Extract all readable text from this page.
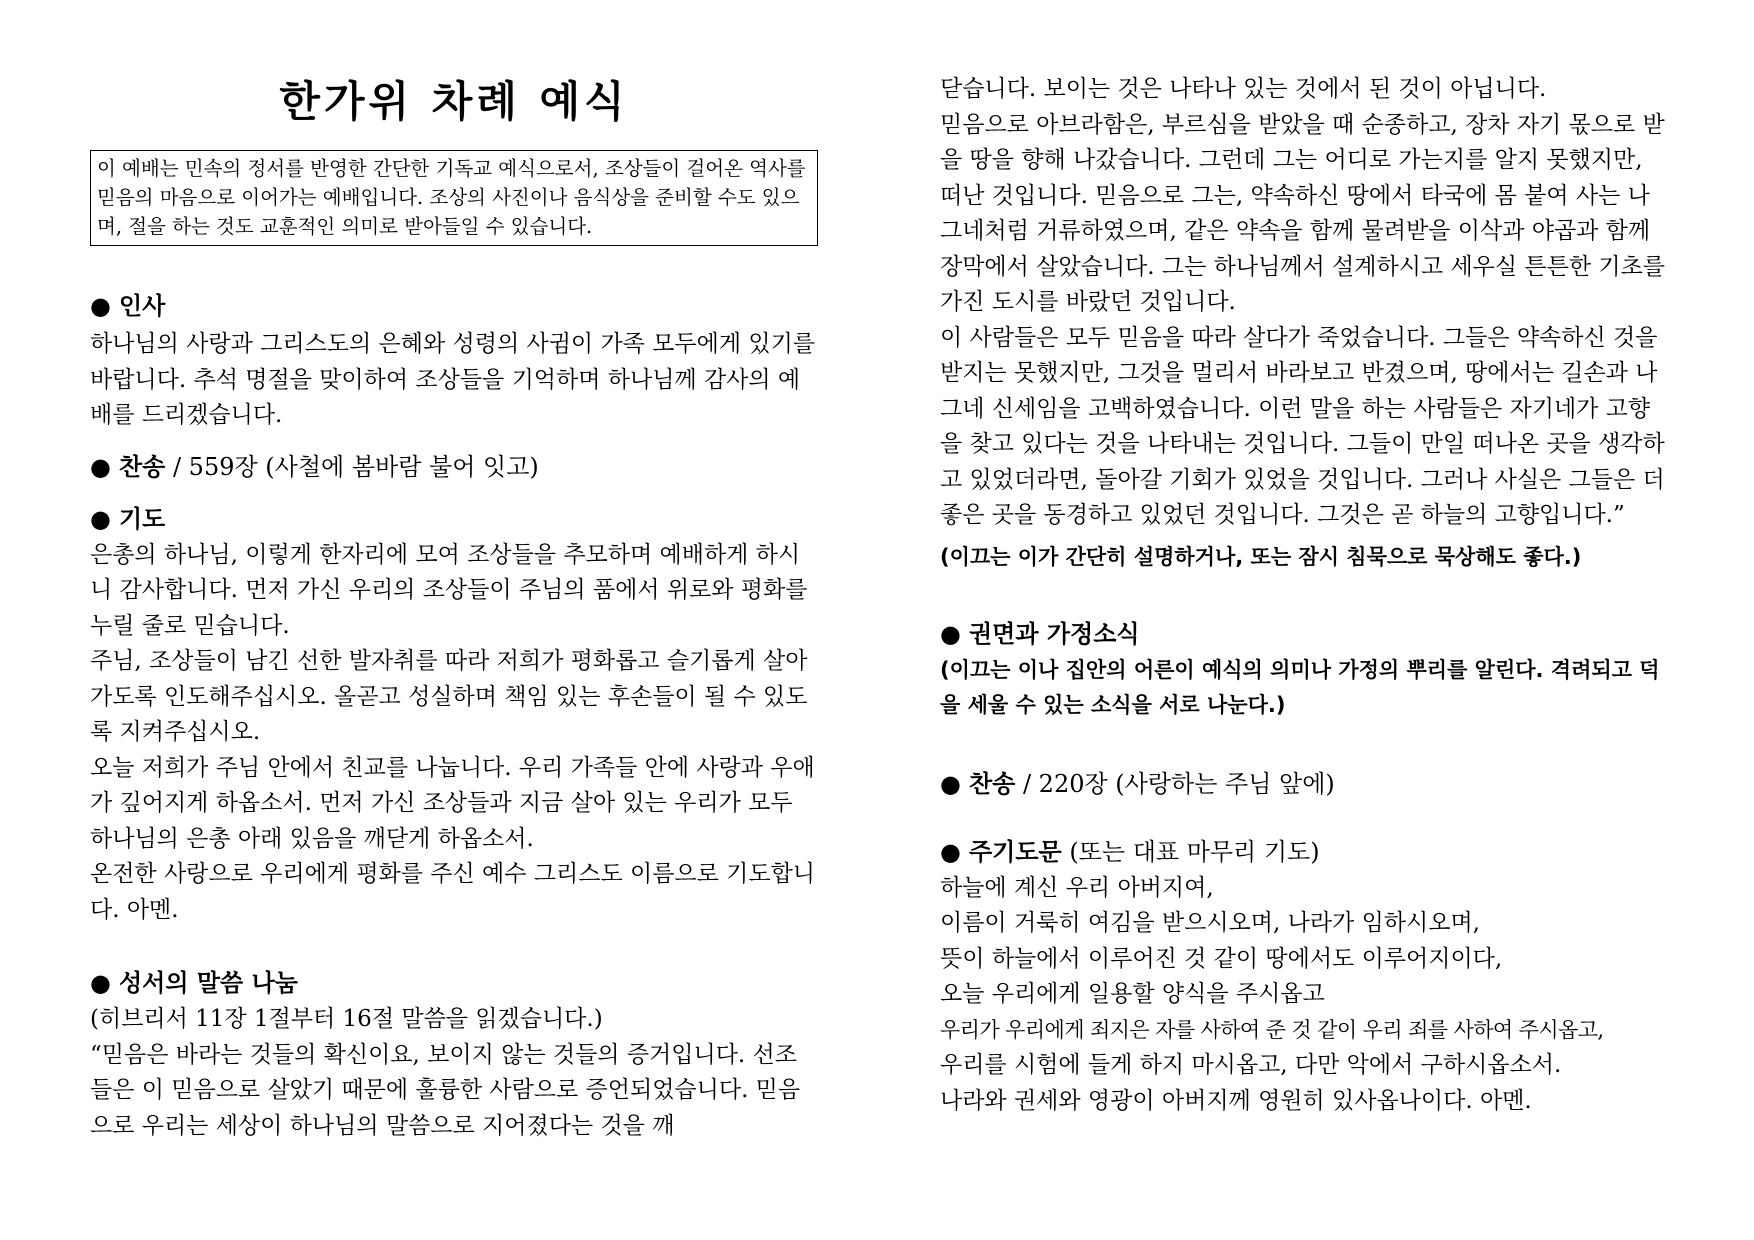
한가위 차례 예식
이 예배는 민속의 정서를 반영한 간단한 기독교 예식으로서, 조상들이 걸어온 역사를 믿음의 마음으로 이어가는 예배입니다. 조상의 사진이나 음식상을 준비할 수도 있으며, 절을 하는 것도 교훈적인 의미로 받아들일 수 있습니다.
● 인사

하나님의 사랑과 그리스도의 은혜와 성령의 사귐이 가족 모두에게 있기를 바랍니다. 추석 명절을 맞이하여 조상들을 기억하며 하나님께 감사의 예배를 드리겠습니다.

● 찬송 / 559장 (사철에 봄바람 불어 잇고)
● 기도

은총의 하나님, 이렇게 한자리에 모여 조상들을 추모하며 예배하게 하시니 감사합니다. 먼저 가신 우리의 조상들이 주님의 품에서 위로와 평화를 누릴 줄로 믿습니다.

주님, 조상들이 남긴 선한 발자취를 따라 저희가 평화롭고 슬기롭게 살아가도록 인도해주십시오. 올곧고 성실하며 책임 있는 후손들이 될 수 있도록 지켜주십시오.

오늘 저희가 주님 안에서 친교를 나눕니다. 우리 가족들 안에 사랑과 우애가 깊어지게 하옵소서. 먼저 가신 조상들과 지금 살아 있는 우리가 모두 하나님의 은총 아래 있음을 깨닫게 하옵소서.

온전한 사랑으로 우리에게 평화를 주신 예수 그리스도 이름으로 기도합니다. 아멘.

● 성서의 말씀 나눔

(히브리서 11장 1절부터 16절 말씀을 읽겠습니다.)

“믿음은 바라는 것들의 확신이요, 보이지 않는 것들의 증거입니다. 선조들은 이 믿음으로 살았기 때문에 훌륭한 사람으로 증언되었습니다. 믿음으로 우리는 세상이 하나님의 말씀으로 지어졌다는 것을 깨

닫습니다. 보이는 것은 나타나 있는 것에서 된 것이 아닙니다.

믿음으로 아브라함은, 부르심을 받았을 때 순종하고, 장차 자기 몫으로 받을 땅을 향해 나갔습니다. 그런데 그는 어디로 가는지를 알지 못했지만, 떠난 것입니다. 믿음으로 그는, 약속하신 땅에서 타국에 몸 붙여 사는 나그네처럼 거류하였으며, 같은 약속을 함께 물려받을 이삭과 야곱과 함께 장막에서 살았습니다. 그는 하나님께서 설계하시고 세우실 튼튼한 기초를 가진 도시를 바랐던 것입니다.

이 사람들은 모두 믿음을 따라 살다가 죽었습니다. 그들은 약속하신 것을 받지는 못했지만, 그것을 멀리서 바라보고 반겼으며, 땅에서는 길손과 나그네 신세임을 고백하였습니다. 이런 말을 하는 사람들은 자기네가 고향을 찾고 있다는 것을 나타내는 것입니다. 그들이 만일 떠나온 곳을 생각하고 있었더라면, 돌아갈 기회가 있었을 것입니다. 그러나 사실은 그들은 더 좋은 곳을 동경하고 있었던 것입니다. 그것은 곧 하늘의 고향입니다.”

(이끄는 이가 간단히 설명하거나, 또는 잠시 침묵으로 묵상해도 좋다.)

● 권면과 가정소식

(이끄는 이나 집안의 어른이 예식의 의미나 가정의 뿌리를 알린다. 격려되고 덕을 세울 수 있는 소식을 서로 나눈다.)

● 찬송 / 220장 (사랑하는 주님 앞에)
● 주기도문 (또는 대표 마무리 기도)

하늘에 계신 우리 아버지여,

이름이 거룩히 여김을 받으시오며, 나라가 임하시오며,

뜻이 하늘에서 이루어진 것 같이 땅에서도 이루어지이다,

오늘 우리에게 일용할 양식을 주시옵고

우리가 우리에게 죄지은 자를 사하여 준 것 같이 우리 죄를 사하여 주시옵고,

우리를 시험에 들게 하지 마시옵고, 다만 악에서 구하시옵소서.

나라와 권세와 영광이 아버지께 영원히 있사옵나이다. 아멘.
